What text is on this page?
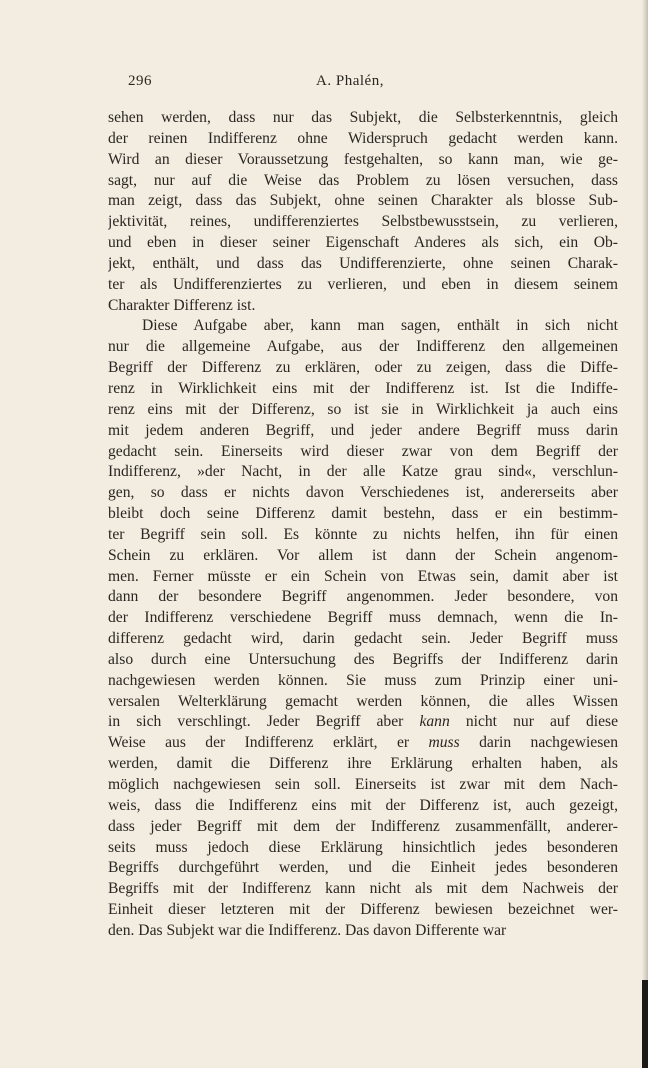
296	A. Phalén,
sehen werden, dass nur das Subjekt, die Selbsterkenntnis, gleich
der reinen Indifferenz ohne Widerspruch gedacht werden kann.
Wird an dieser Voraussetzung festgehalten, so kann man, wie ge-
sagt, nur auf die Weise das Problem zu lösen versuchen, dass
man zeigt, dass das Subjekt, ohne seinen Charakter als blosse Sub-
jektivität, reines, undifferenziertes Selbstbewusstsein, zu verlieren,
und eben in dieser seiner Eigenschaft Anderes als sich, ein Ob-
jekt, enthält, und dass das Undifferenzierte, ohne seinen Charak-
ter als Undifferenziertes zu verlieren, und eben in diesem seinem
Charakter Differenz ist.
Diese Aufgabe aber, kann man sagen, enthält in sich nicht
nur die allgemeine Aufgabe, aus der Indifferenz den allgemeinen
Begriff der Differenz zu erklären, oder zu zeigen, dass die Diffe-
renz in Wirklichkeit eins mit der Indifferenz ist. Ist die Indiffe-
renz eins mit der Differenz, so ist sie in Wirklichkeit ja auch eins
mit jedem anderen Begriff, und jeder andere Begriff muss darin
gedacht sein. Einerseits wird dieser zwar von dem Begriff der
Indifferenz, »der Nacht, in der alle Katze grau sind«, verschlun-
gen, so dass er nichts davon Verschiedenes ist, andererseits aber
bleibt doch seine Differenz damit bestehn, dass er ein bestimm-
ter Begriff sein soll. Es könnte zu nichts helfen, ihn für einen
Schein zu erklären. Vor allem ist dann der Schein angenom-
men. Ferner müsste er ein Schein von Etwas sein, damit aber ist
dann der besondere Begriff angenommen. Jeder besondere, von
der Indifferenz verschiedene Begriff muss demnach, wenn die In-
differenz gedacht wird, darin gedacht sein. Jeder Begriff muss
also durch eine Untersuchung des Begriffs der Indifferenz darin
nachgewiesen werden können. Sie muss zum Prinzip einer uni-
versalen Welterklärung gemacht werden können, die alles Wissen
in sich verschlingt. Jeder Begriff aber kann nicht nur auf diese
Weise aus der Indifferenz erklärt, er muss darin nachgewiesen
werden, damit die Differenz ihre Erklärung erhalten haben, als
möglich nachgewiesen sein soll. Einerseits ist zwar mit dem Nach-
weis, dass die Indifferenz eins mit der Differenz ist, auch gezeigt,
dass jeder Begriff mit dem der Indifferenz zusammenfällt, anderer-
seits muss jedoch diese Erklärung hinsichtlich jedes besonderen
Begriffs durchgeführt werden, und die Einheit jedes besonderen
Begriffs mit der Indifferenz kann nicht als mit dem Nachweis der
Einheit dieser letzteren mit der Differenz bewiesen bezeichnet wer-
den. Das Subjekt war die Indifferenz. Das davon Differente war
